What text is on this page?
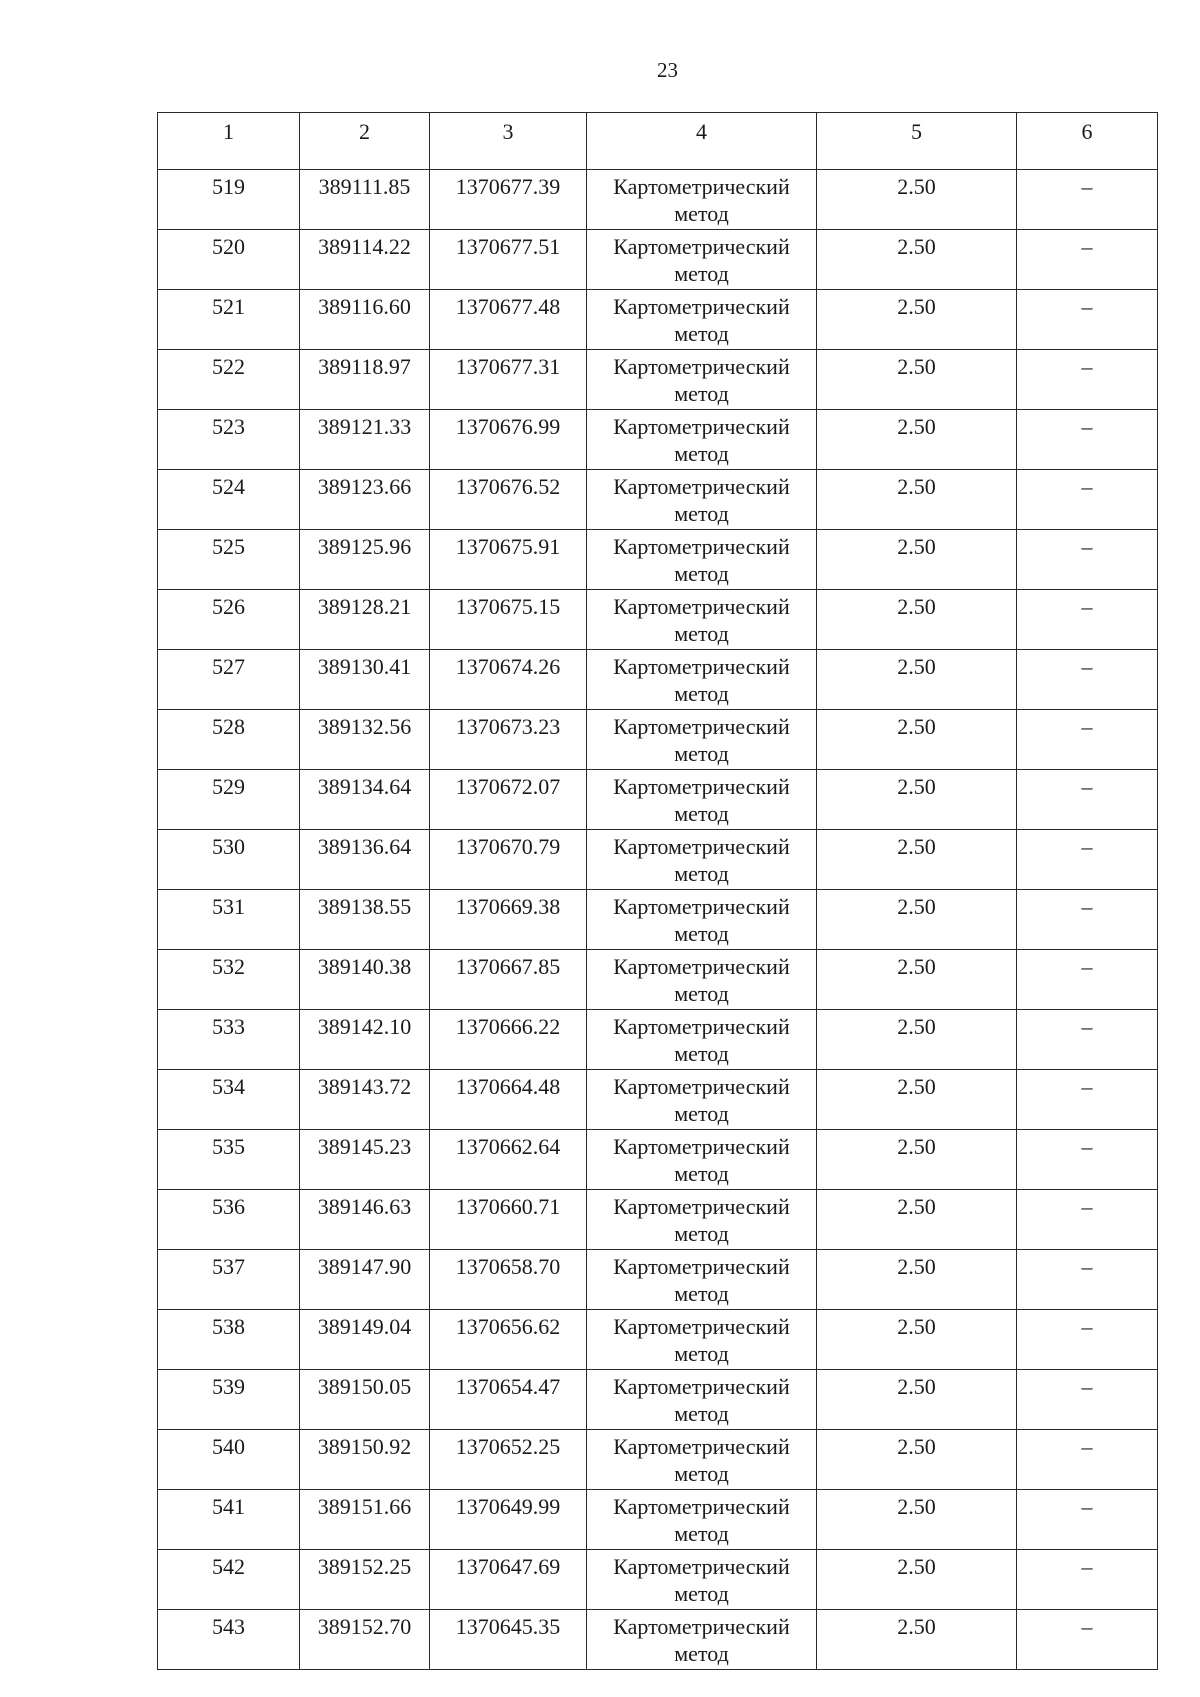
23
1	2	3	4	5	6
519	389111.85	1370677.39	Картометрический метод	2.50	–
520	389114.22	1370677.51	Картометрический метод	2.50	–
521	389116.60	1370677.48	Картометрический метод	2.50	–
522	389118.97	1370677.31	Картометрический метод	2.50	–
523	389121.33	1370676.99	Картометрический метод	2.50	–
524	389123.66	1370676.52	Картометрический метод	2.50	–
525	389125.96	1370675.91	Картометрический метод	2.50	–
526	389128.21	1370675.15	Картометрический метод	2.50	–
527	389130.41	1370674.26	Картометрический метод	2.50	–
528	389132.56	1370673.23	Картометрический метод	2.50	–
529	389134.64	1370672.07	Картометрический метод	2.50	–
530	389136.64	1370670.79	Картометрический метод	2.50	–
531	389138.55	1370669.38	Картометрический метод	2.50	–
532	389140.38	1370667.85	Картометрический метод	2.50	–
533	389142.10	1370666.22	Картометрический метод	2.50	–
534	389143.72	1370664.48	Картометрический метод	2.50	–
535	389145.23	1370662.64	Картометрический метод	2.50	–
536	389146.63	1370660.71	Картометрический метод	2.50	–
537	389147.90	1370658.70	Картометрический метод	2.50	–
538	389149.04	1370656.62	Картометрический метод	2.50	–
539	389150.05	1370654.47	Картометрический метод	2.50	–
540	389150.92	1370652.25	Картометрический метод	2.50	–
541	389151.66	1370649.99	Картометрический метод	2.50	–
542	389152.25	1370647.69	Картометрический метод	2.50	–
543	389152.70	1370645.35	Картометрический метод	2.50	–
